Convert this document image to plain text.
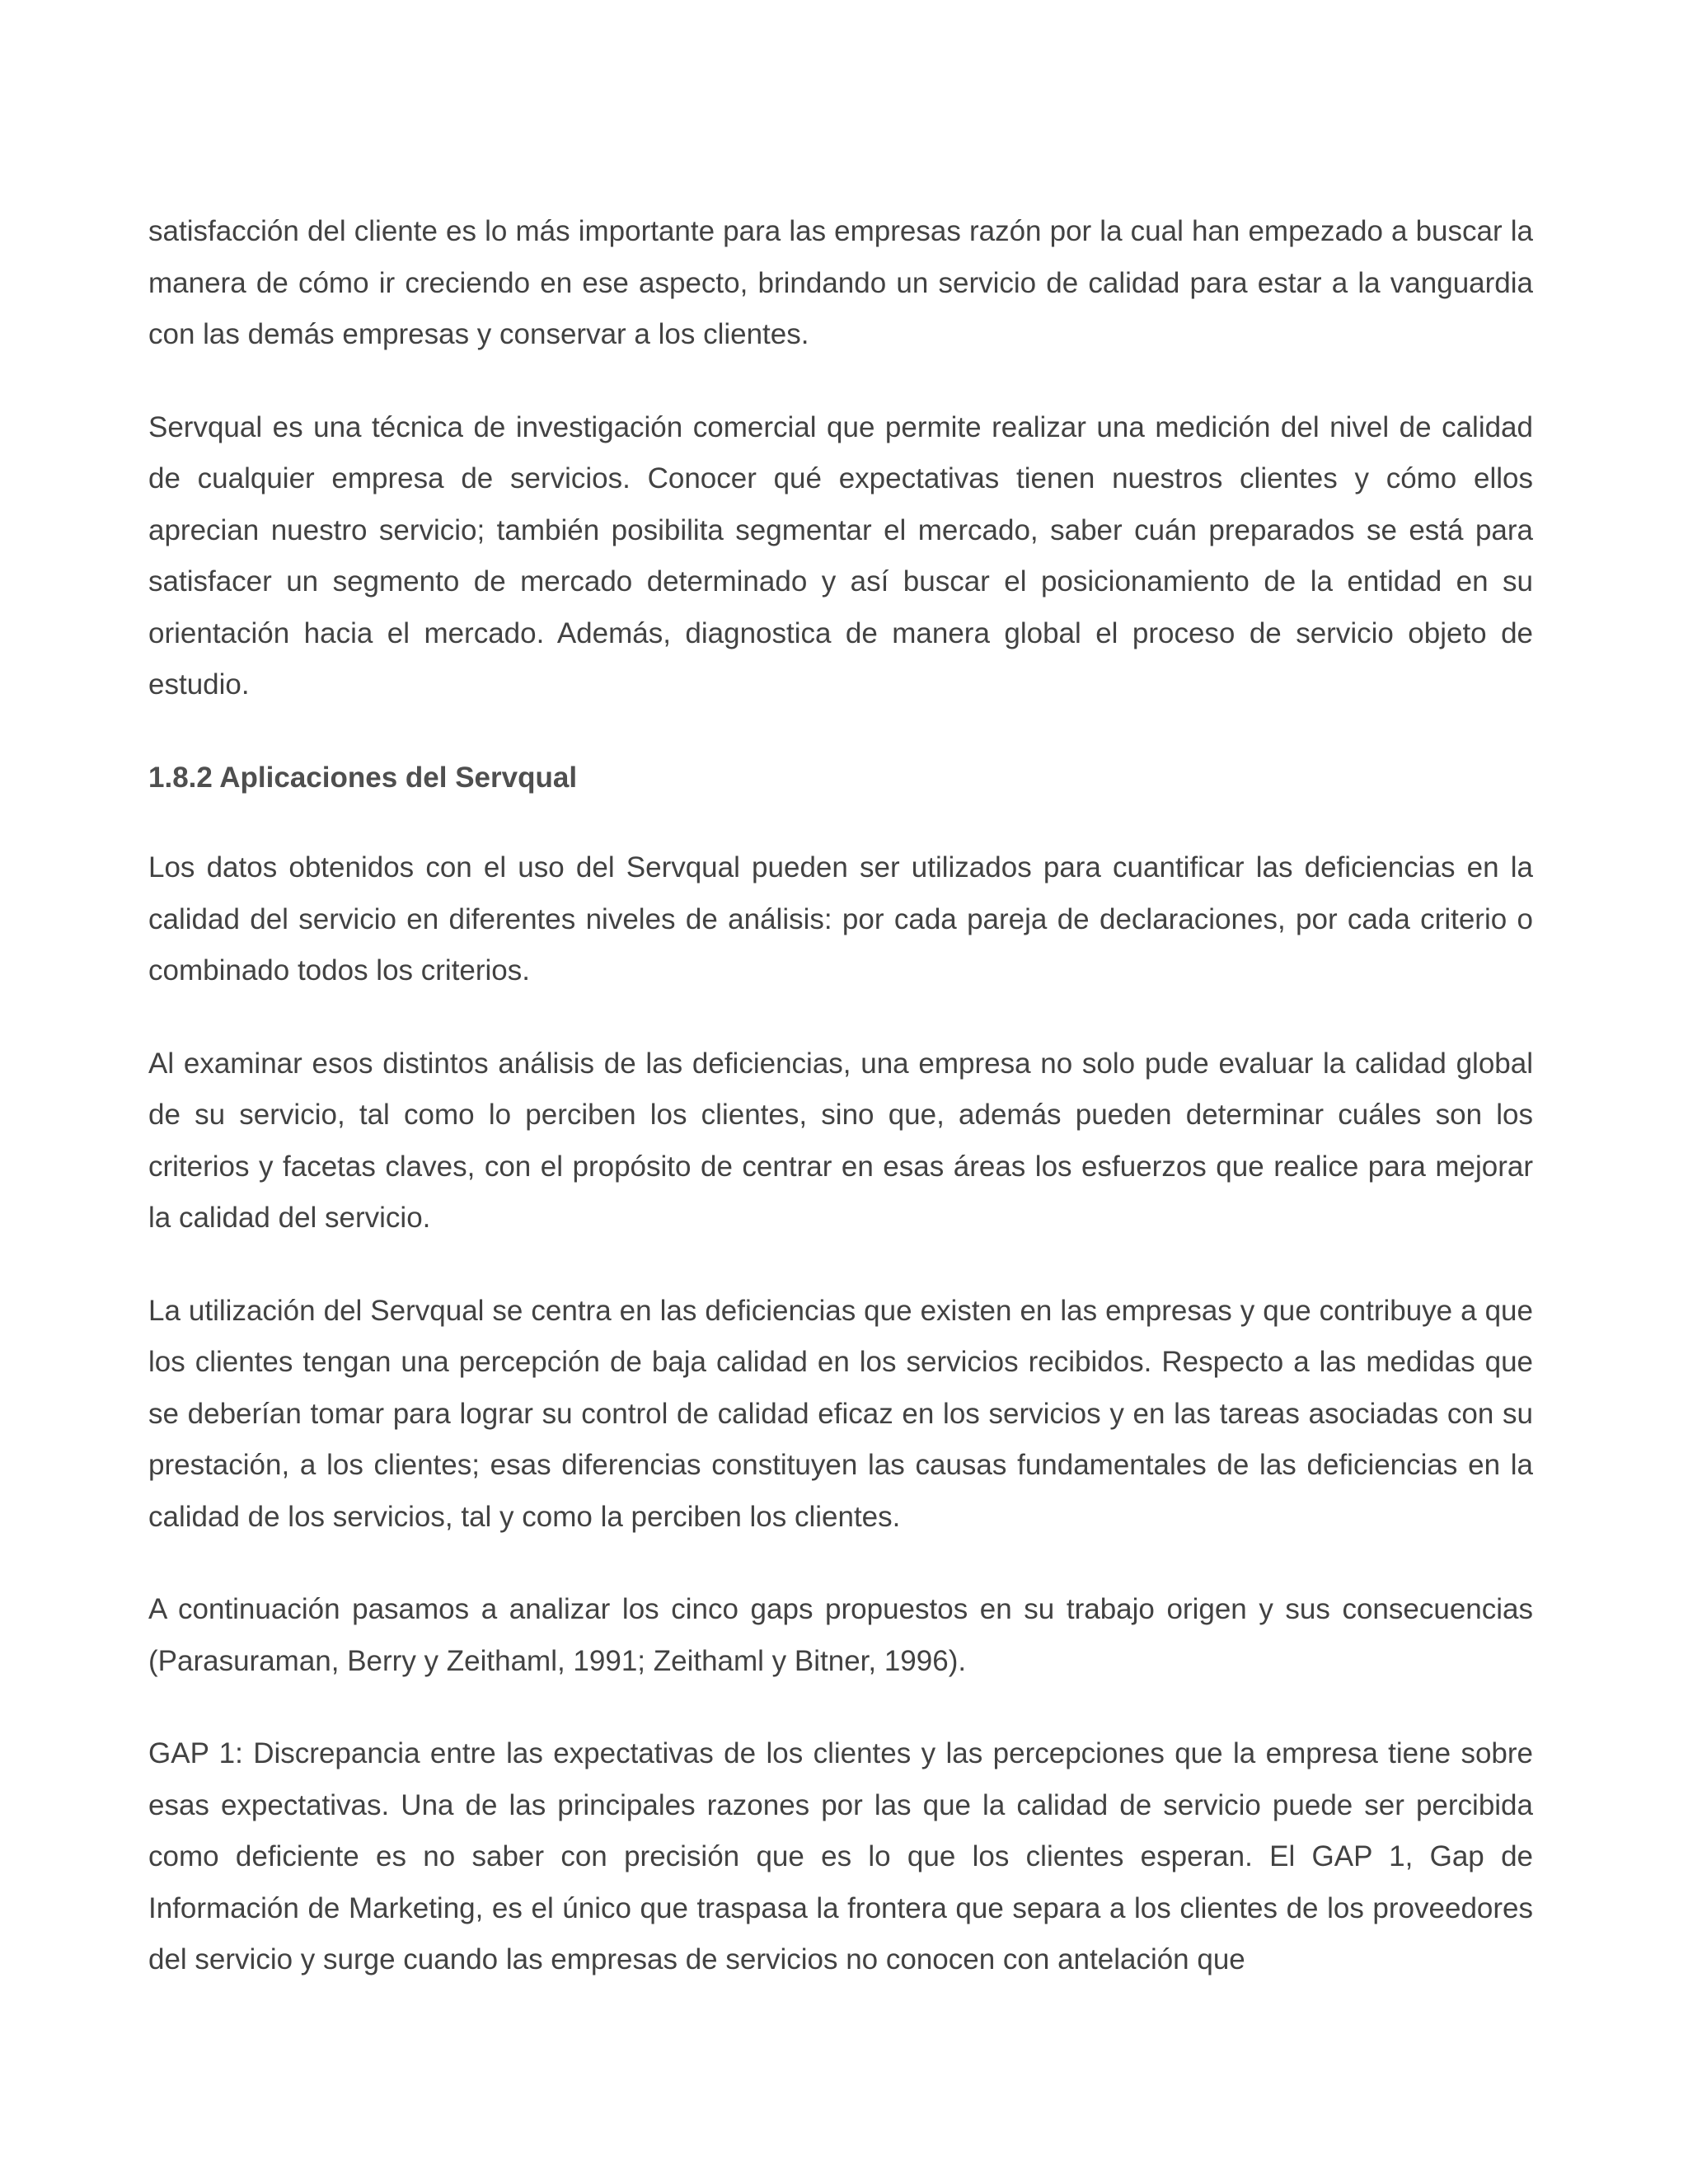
satisfacción del cliente es lo más importante para las empresas razón por la cual han empezado a buscar la manera de cómo ir creciendo en ese aspecto, brindando un servicio de calidad para estar a la vanguardia con las demás empresas y conservar a los clientes.

Servqual es una técnica de investigación comercial que permite realizar una medición del nivel de calidad de cualquier empresa de servicios. Conocer qué expectativas tienen nuestros clientes y cómo ellos aprecian nuestro servicio; también posibilita segmentar el mercado, saber cuán preparados se está para satisfacer un segmento de mercado determinado y así buscar el posicionamiento de la entidad en su orientación hacia el mercado. Además, diagnostica de manera global el proceso de servicio objeto de estudio.

1.8.2 Aplicaciones del Servqual

Los datos obtenidos con el uso del Servqual pueden ser utilizados para cuantificar las deficiencias en la calidad del servicio en diferentes niveles de análisis: por cada pareja de declaraciones, por cada criterio o combinado todos los criterios.

Al examinar esos distintos análisis de las deficiencias, una empresa no solo pude evaluar la calidad global de su servicio, tal como lo perciben los clientes, sino que, además pueden determinar cuáles son los criterios y facetas claves, con el propósito de centrar en esas áreas los esfuerzos que realice para mejorar la calidad del servicio.

La utilización del Servqual se centra en las deficiencias que existen en las empresas y que contribuye a que los clientes tengan una percepción de baja calidad en los servicios recibidos. Respecto a las medidas que se deberían tomar para lograr su control de calidad eficaz en los servicios y en las tareas asociadas con su prestación, a los clientes; esas diferencias constituyen las causas fundamentales de las deficiencias en la calidad de los servicios, tal y como la perciben los clientes.

A continuación pasamos a analizar los cinco gaps propuestos en su trabajo origen y sus consecuencias (Parasuraman, Berry y Zeithaml, 1991; Zeithaml y Bitner, 1996).

GAP 1: Discrepancia entre las expectativas de los clientes y las percepciones que la empresa tiene sobre esas expectativas. Una de las principales razones por las que la calidad de servicio puede ser percibida como deficiente es no saber con precisión que es lo que los clientes esperan. El GAP 1, Gap de Información de Marketing, es el único que traspasa la frontera que separa a los clientes de los proveedores del servicio y surge cuando las empresas de servicios no conocen con antelación que
